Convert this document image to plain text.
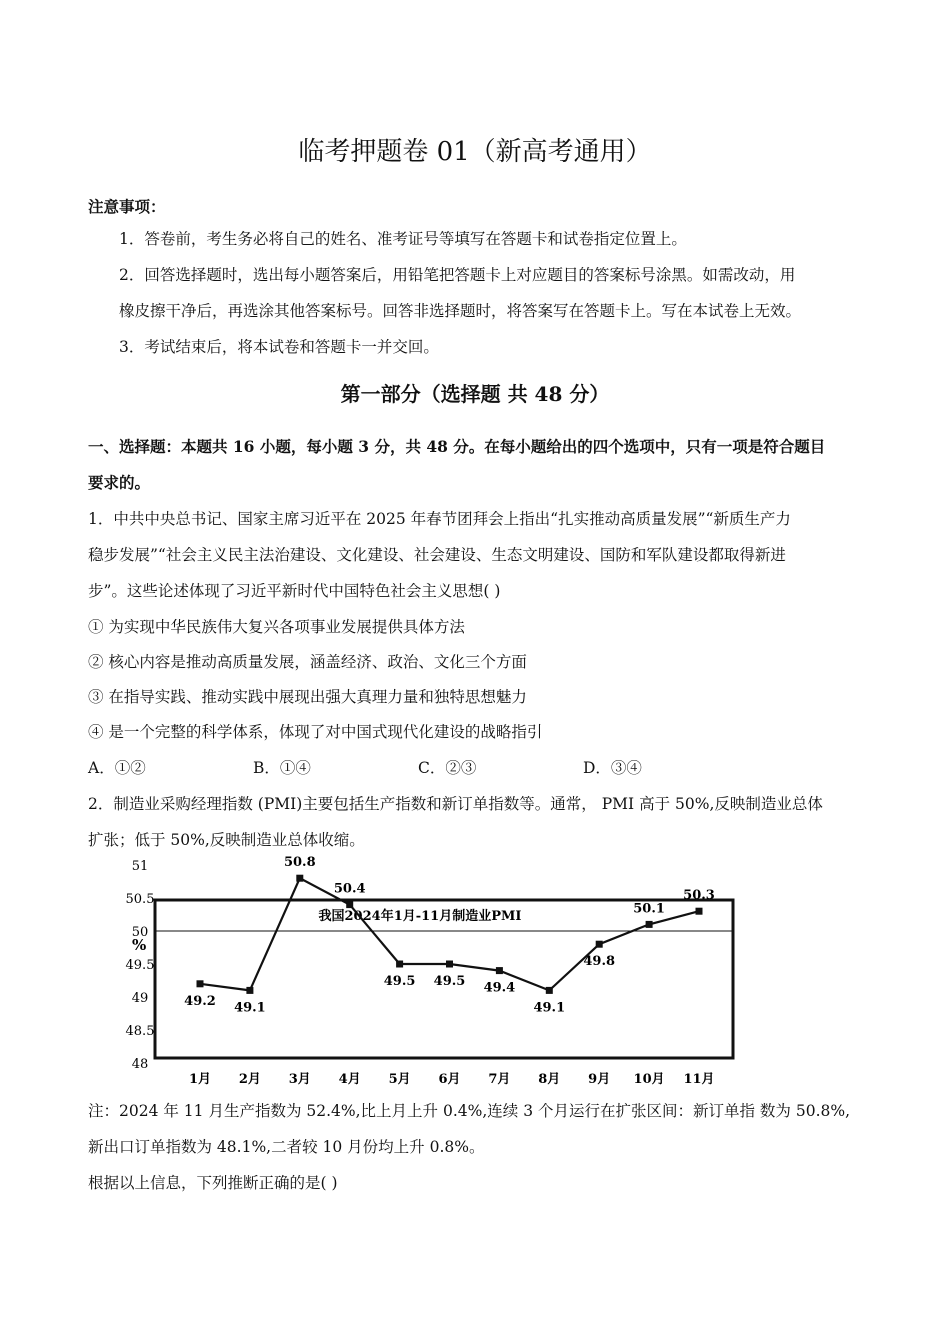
临考押题卷 01（新高考通用）
注意事项：
1．答卷前，考生务必将自己的姓名、准考证号等填写在答题卡和试卷指定位置上。
2．回答选择题时，选出每小题答案后，用铅笔把答题卡上对应题目的答案标号涂黑。如需改动，用
橡皮擦干净后，再选涂其他答案标号。回答非选择题时，将答案写在答题卡上。写在本试卷上无效。
3．考试结束后，将本试卷和答题卡一并交回。
第一部分（选择题 共 48 分）
一、选择题：本题共 16 小题，每小题 3 分，共 48 分。在每小题给出的四个选项中，只有一项是符合题目
要求的。
1．中共中央总书记、国家主席习近平在 2025 年春节团拜会上指出“扎实推动高质量发展”“新质生产力
稳步发展”“社会主义民主法治建设、文化建设、社会建设、生态文明建设、国防和军队建设都取得新进
步”。这些论述体现了习近平新时代中国特色社会主义思想( )
① 为实现中华民族伟大复兴各项事业发展提供具体方法
② 核心内容是推动高质量发展，涵盖经济、政治、文化三个方面
③ 在指导实践、推动实践中展现出强大真理力量和独特思想魅力
④ 是一个完整的科学体系，体现了对中国式现代化建设的战略指引
A．①②	B．①④	C．②③	D．③④
2．制造业采购经理指数 (PMI)主要包括生产指数和新订单指数等。通常， PMI 高于 50%,反映制造业总体
扩张；低于 50%,反映制造业总体收缩。
我国2024年1月-11月制造业PMI
%
48
48.5
49
49.5
50
50.5
51
49.2 49.1
50.8
50.4
49.5 49.5 49.4
49.1
49.8
50.1
50.3
1月 2月 3月 4月 5月 6月 7月 8月 9月 10月 11月
注：2024 年 11 月生产指数为 52.4%,比上月上升 0.4%,连续 3 个月运行在扩张区间：新订单指 数为 50.8%,
新出口订单指数为 48.1%,二者较 10 月份均上升 0.8%。
根据以上信息，下列推断正确的是( )
